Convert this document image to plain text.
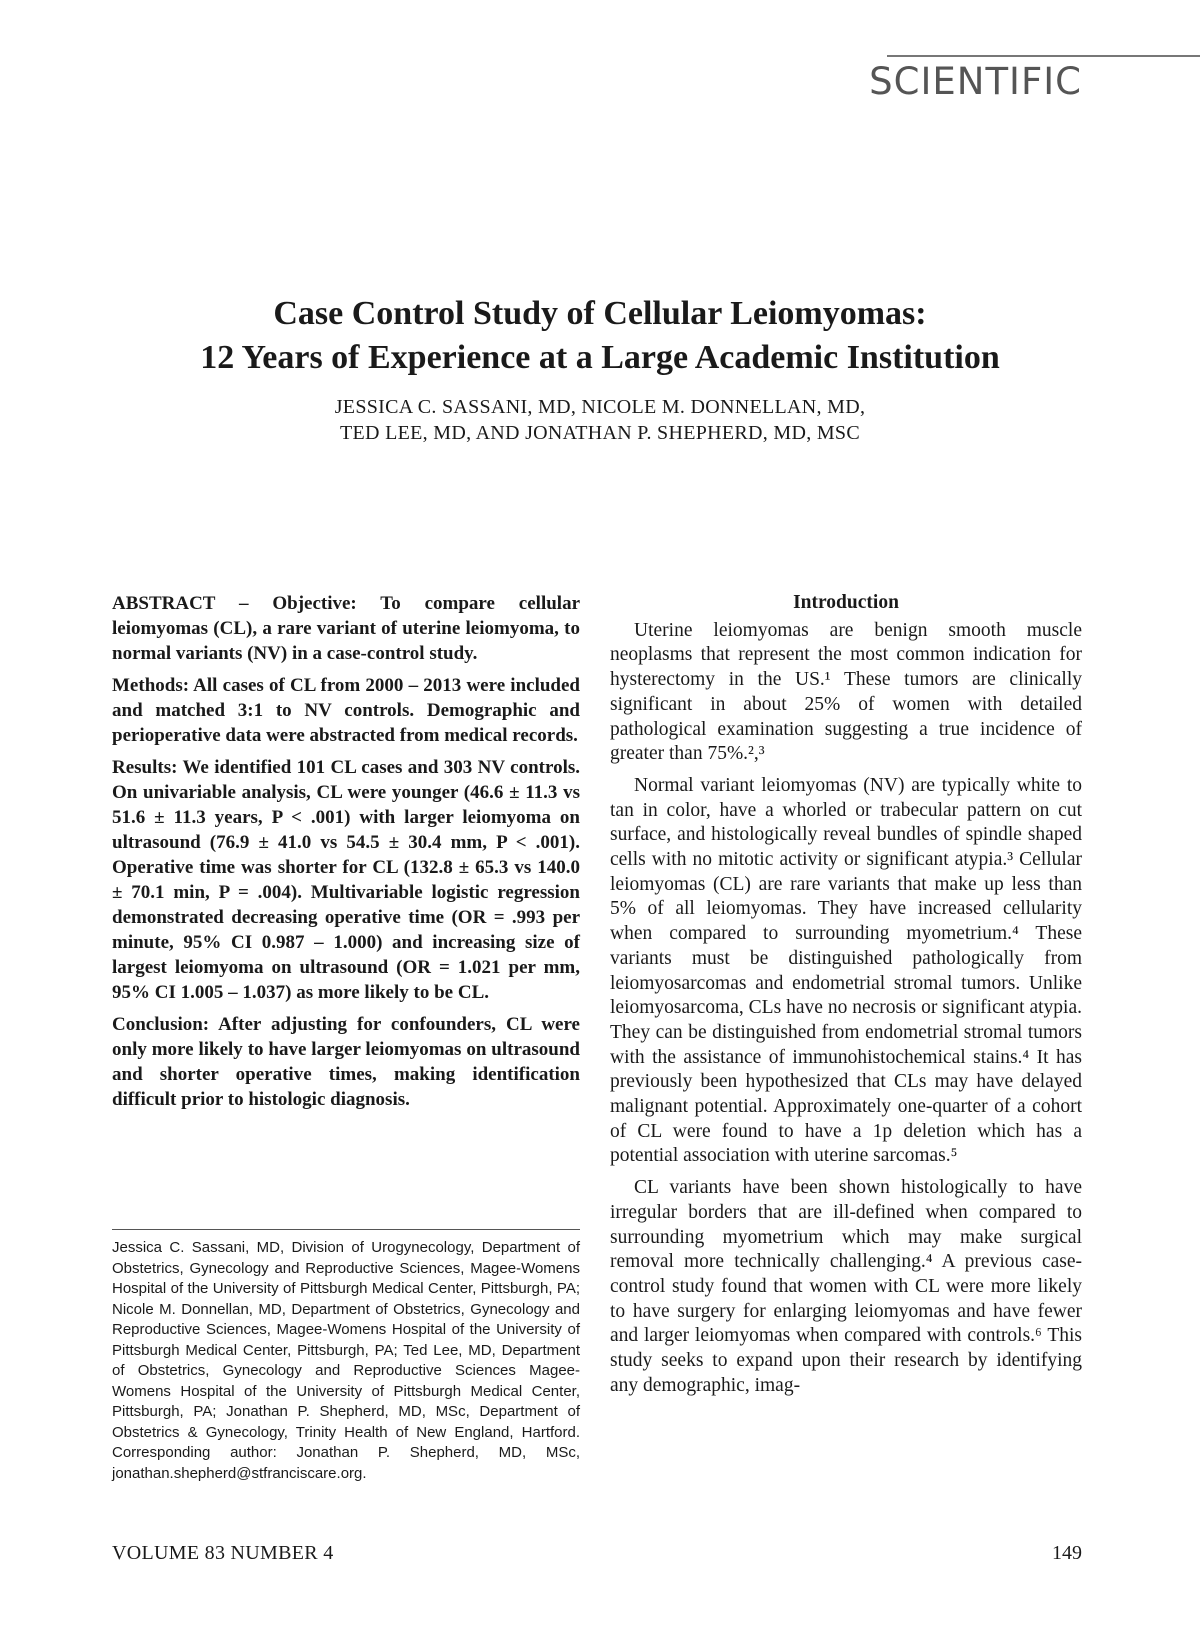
SCIENTIFIC
Case Control Study of Cellular Leiomyomas:
12 Years of Experience at a Large Academic Institution
JESSICA C. SASSANI, MD, NICOLE M. DONNELLAN, MD,
TED LEE, MD, AND JONATHAN P. SHEPHERD, MD, MSC

ABSTRACT – Objective: To compare cellular leiomyomas (CL), a rare variant of uterine leiomyoma, to normal variants (NV) in a case-control study.

Methods: All cases of CL from 2000 – 2013 were included and matched 3:1 to NV controls. Demographic and perioperative data were abstracted from medical records.

Results: We identified 101 CL cases and 303 NV controls. On univariable analysis, CL were younger (46.6 ± 11.3 vs 51.6 ± 11.3 years, P < .001) with larger leiomyoma on ultrasound (76.9 ± 41.0 vs 54.5 ± 30.4 mm, P < .001). Operative time was shorter for CL (132.8 ± 65.3 vs 140.0 ± 70.1 min, P = .004). Multivariable logistic regression demonstrated decreasing operative time (OR = .993 per minute, 95% CI 0.987 – 1.000) and increasing size of largest leiomyoma on ultrasound (OR = 1.021 per mm, 95% CI 1.005 – 1.037) as more likely to be CL.

Conclusion: After adjusting for confounders, CL were only more likely to have larger leiomyomas on ultrasound and shorter operative times, making identification difficult prior to histologic diagnosis.

Jessica C. Sassani, MD, Division of Urogynecology, Department of Obstetrics, Gynecology and Reproductive Sciences, Magee-Womens Hospital of the University of Pittsburgh Medical Center, Pittsburgh, PA; Nicole M. Donnellan, MD, Department of Obstetrics, Gynecology and Reproductive Sciences, Magee-Womens Hospital of the University of Pittsburgh Medical Center, Pittsburgh, PA; Ted Lee, MD, Department of Obstetrics, Gynecology and Reproductive Sciences Magee-Womens Hospital of the University of Pittsburgh Medical Center, Pittsburgh, PA; Jonathan P. Shepherd, MD, MSc, Department of Obstetrics & Gynecology, Trinity Health of New England, Hartford. Corresponding author: Jonathan P. Shepherd, MD, MSc, jonathan.shepherd@stfranciscare.org.

Introduction

Uterine leiomyomas are benign smooth muscle neoplasms that represent the most common indication for hysterectomy in the US.¹ These tumors are clinically significant in about 25% of women with detailed pathological examination suggesting a true incidence of greater than 75%.²,³

Normal variant leiomyomas (NV) are typically white to tan in color, have a whorled or trabecular pattern on cut surface, and histologically reveal bundles of spindle shaped cells with no mitotic activity or significant atypia.³ Cellular leiomyomas (CL) are rare variants that make up less than 5% of all leiomyomas. They have increased cellularity when compared to surrounding myometrium.⁴ These variants must be distinguished pathologically from leiomyosarcomas and endometrial stromal tumors. Unlike leiomyosarcoma, CLs have no necrosis or significant atypia. They can be distinguished from endometrial stromal tumors with the assistance of immunohistochemical stains.⁴ It has previously been hypothesized that CLs may have delayed malignant potential. Approximately one-quarter of a cohort of CL were found to have a 1p deletion which has a potential association with uterine sarcomas.⁵

CL variants have been shown histologically to have irregular borders that are ill-defined when compared to surrounding myometrium which may make surgical removal more technically challenging.⁴ A previous case-control study found that women with CL were more likely to have surgery for enlarging leiomyomas and have fewer and larger leiomyomas when compared with controls.⁶ This study seeks to expand upon their research by identifying any demographic, imag-

VOLUME 83 NUMBER 4	149
